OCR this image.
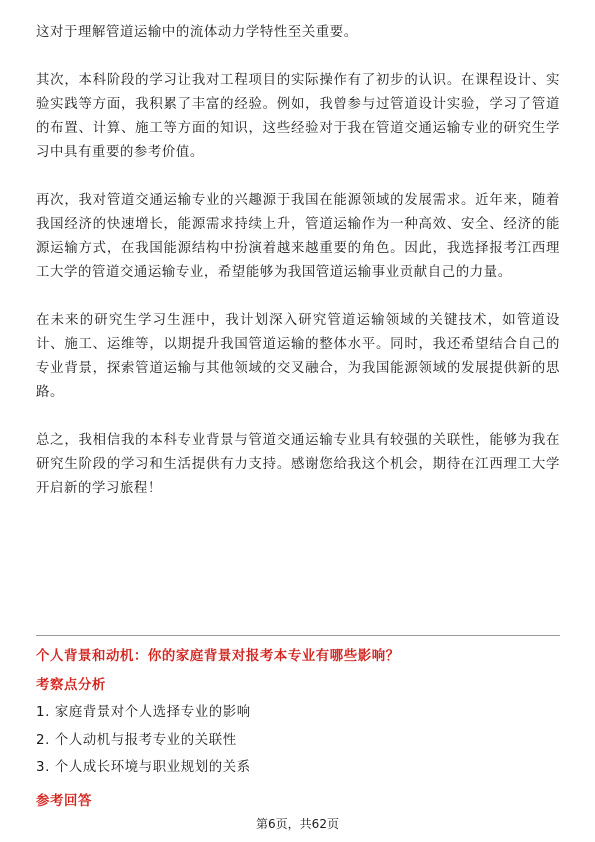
这对于理解管道运输中的流体动力学特性至关重要。

其次，本科阶段的学习让我对工程项目的实际操作有了初步的认识。在课程设计、实验实践等方面，我积累了丰富的经验。例如，我曾参与过管道设计实验，学习了管道的布置、计算、施工等方面的知识，这些经验对于我在管道交通运输专业的研究生学习中具有重要的参考价值。

再次，我对管道交通运输专业的兴趣源于我国在能源领域的发展需求。近年来，随着我国经济的快速增长，能源需求持续上升，管道运输作为一种高效、安全、经济的能源运输方式，在我国能源结构中扮演着越来越重要的角色。因此，我选择报考江西理工大学的管道交通运输专业，希望能够为我国管道运输事业贡献自己的力量。

在未来的研究生学习生涯中，我计划深入研究管道运输领域的关键技术，如管道设计、施工、运维等，以期提升我国管道运输的整体水平。同时，我还希望结合自己的专业背景，探索管道运输与其他领域的交叉融合，为我国能源领域的发展提供新的思路。

总之，我相信我的本科专业背景与管道交通运输专业具有较强的关联性，能够为我在研究生阶段的学习和生活提供有力支持。感谢您给我这个机会，期待在江西理工大学开启新的学习旅程！

个人背景和动机：你的家庭背景对报考本专业有哪些影响？

考察点分析

1. 家庭背景对个人选择专业的影响
2. 个人动机与报考专业的关联性
3. 个人成长环境与职业规划的关系

参考回答

第6页，共62页
